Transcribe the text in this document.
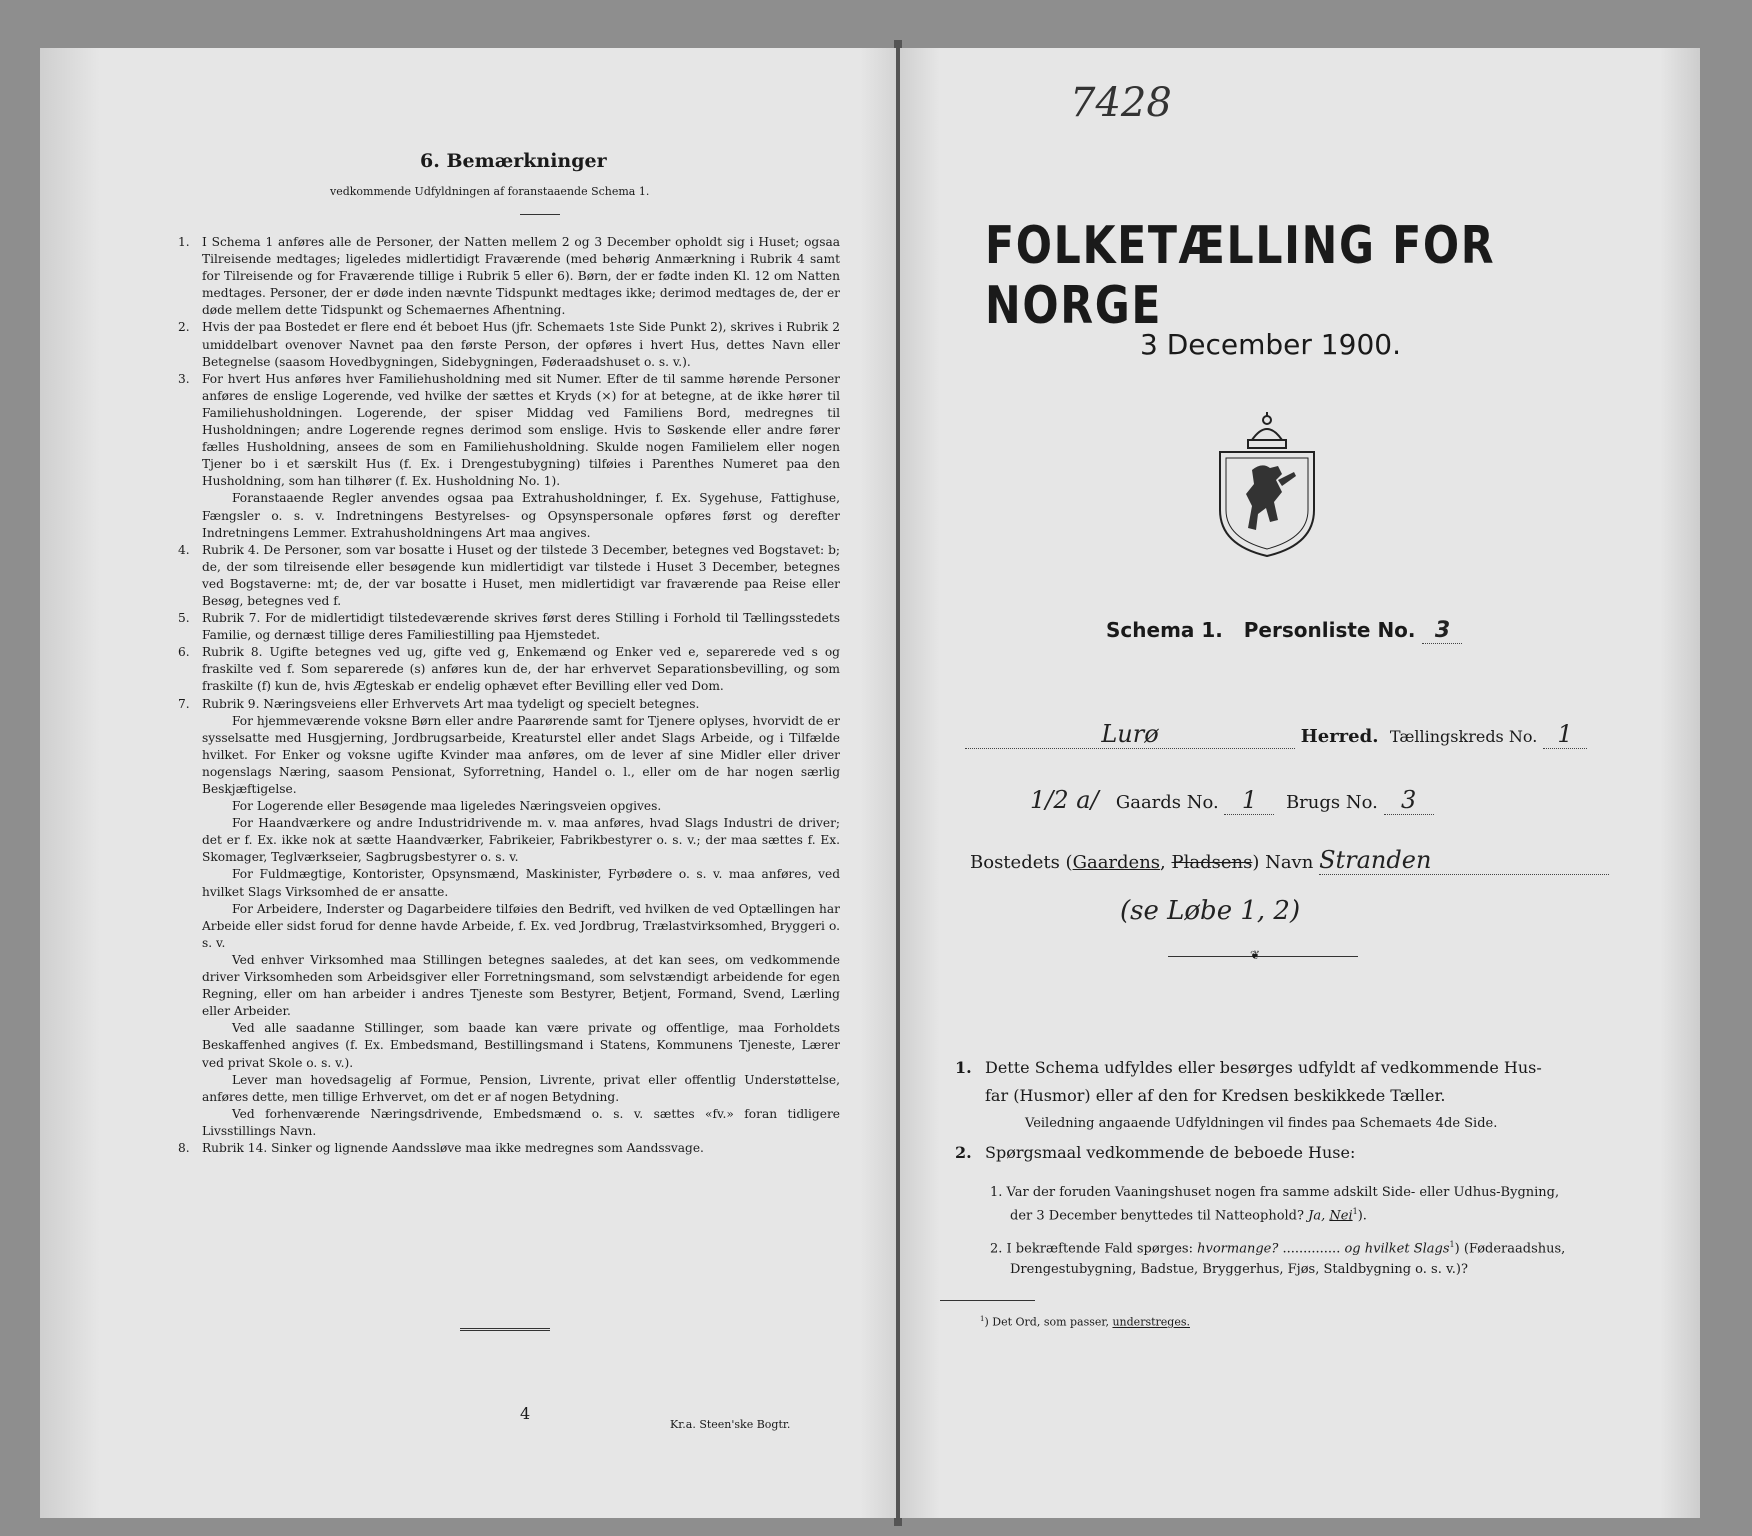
6. Bemærkninger
vedkommende Udfyldningen af foranstaaende Schema 1.
1. I Schema 1 anføres alle de Personer, der Natten mellem 2 og 3 December opholdt sig i Huset; ogsaa Tilreisende medtages; ligeledes midlertidigt Fraværende (med behørig Anmærkning i Rubrik 4 samt for Tilreisende og for Fraværende tillige i Rubrik 5 eller 6). Børn, der er fødte inden Kl. 12 om Natten medtages. Personer, der er døde inden nævnte Tidspunkt medtages ikke; derimod medtages de, der er døde mellem dette Tidspunkt og Schemaernes Afhentning.

2. Hvis der paa Bostedet er flere end ét beboet Hus (jfr. Schemaets 1ste Side Punkt 2), skrives i Rubrik 2 umiddelbart ovenover Navnet paa den første Person, der opføres i hvert Hus, dettes Navn eller Betegnelse (saasom Hovedbygningen, Sidebygningen, Føderaadshuset o. s. v.).

3. For hvert Hus anføres hver Familiehusholdning med sit Numer. Efter de til samme hørende Personer anføres de enslige Logerende, ved hvilke der sættes et Kryds (×) for at betegne, at de ikke hører til Familiehusholdningen. Logerende, der spiser Middag ved Familiens Bord, medregnes til Husholdningen; andre Logerende regnes derimod som enslige. Hvis to Søskende eller andre fører fælles Husholdning, ansees de som en Familiehusholdning. Skulde nogen Familielem eller nogen Tjener bo i et særskilt Hus (f. Ex. i Drengestubygning) tilføies i Parenthes Numeret paa den Husholdning, som han tilhører (f. Ex. Husholdning No. 1).

Foranstaaende Regler anvendes ogsaa paa Extrahusholdninger, f. Ex. Sygehuse, Fattighuse, Fængsler o. s. v. Indretningens Bestyrelses- og Opsynspersonale opføres først og derefter Indretningens Lemmer. Extrahusholdningens Art maa angives.

4. Rubrik 4. De Personer, som var bosatte i Huset og der tilstede 3 December, betegnes ved Bogstavet: b; de, der som tilreisende eller besøgende kun midlertidigt var tilstede i Huset 3 December, betegnes ved Bogstaverne: mt; de, der var bosatte i Huset, men midlertidigt var fraværende paa Reise eller Besøg, betegnes ved f.

5. Rubrik 7. For de midlertidigt tilstedeværende skrives først deres Stilling i Forhold til Tællingsstedets Familie, og dernæst tillige deres Familiestilling paa Hjemstedet.

6. Rubrik 8. Ugifte betegnes ved ug, gifte ved g, Enkemænd og Enker ved e, separerede ved s og fraskilte ved f. Som separerede (s) anføres kun de, der har erhvervet Separationsbevilling, og som fraskilte (f) kun de, hvis Ægteskab er endelig ophævet efter Bevilling eller ved Dom.

7. Rubrik 9. Næringsveiens eller Erhvervets Art maa tydeligt og specielt betegnes.

For hjemmeværende voksne Børn eller andre Paarørende samt for Tjenere oplyses, hvorvidt de er sysselsatte med Husgjerning, Jordbrugsarbeide, Kreaturstel eller andet Slags Arbeide, og i Tilfælde hvilket. For Enker og voksne ugifte Kvinder maa anføres, om de lever af sine Midler eller driver nogenslags Næring, saasom Pensionat, Syforretning, Handel o. l., eller om de har nogen særlig Beskjæftigelse.

For Logerende eller Besøgende maa ligeledes Næringsveien opgives.

For Haandværkere og andre Industridrivende m. v. maa anføres, hvad Slags Industri de driver; det er f. Ex. ikke nok at sætte Haandværker, Fabrikeier, Fabrikbestyrer o. s. v.; der maa sættes f. Ex. Skomager, Teglværkseier, Sagbrugsbestyrer o. s. v.

For Fuldmægtige, Kontorister, Opsynsmænd, Maskinister, Fyrbødere o. s. v. maa anføres, ved hvilket Slags Virksomhed de er ansatte.

For Arbeidere, Inderster og Dagarbeidere tilføies den Bedrift, ved hvilken de ved Optællingen har Arbeide eller sidst forud for denne havde Arbeide, f. Ex. ved Jordbrug, Trælastvirksomhed, Bryggeri o. s. v.

Ved enhver Virksomhed maa Stillingen betegnes saaledes, at det kan sees, om vedkommende driver Virksomheden som Arbeidsgiver eller Forretningsmand, som selvstændigt arbeidende for egen Regning, eller om han arbeider i andres Tjeneste som Bestyrer, Betjent, Formand, Svend, Lærling eller Arbeider.

Ved alle saadanne Stillinger, som baade kan være private og offentlige, maa Forholdets Beskaffenhed angives (f. Ex. Embedsmand, Bestillingsmand i Statens, Kommunens Tjeneste, Lærer ved privat Skole o. s. v.).

Lever man hovedsagelig af Formue, Pension, Livrente, privat eller offentlig Understøttelse, anføres dette, men tillige Erhvervet, om det er af nogen Betydning.

Ved forhenværende Næringsdrivende, Embedsmænd o. s. v. sættes «fv.» foran tidligere Livsstillings Navn.

8. Rubrik 14. Sinker og lignende Aandssløve maa ikke medregnes som Aandssvage.

4
Kr.a. Steen'ske Bogtr.
7428
FOLKETÆLLING FOR NORGE
3 December 1900.
Schema 1. Personliste No. 3
Lurø	Herred. Tællingskreds No. 1
1/2 a/ Gaards No. 1 Brugs No. 3
Bostedets (Gaardens, Pladsens) Navn Stranden
(se Løbe 1, 2)
❦
1. Dette Schema udfyldes eller besørges udfyldt af vedkommende Hus-
far (Husmor) eller af den for Kredsen beskikkede Tæller.
Veiledning angaaende Udfyldningen vil findes paa Schemaets 4de Side.
2. Spørgsmaal vedkommende de beboede Huse:
1. Var der foruden Vaaningshuset nogen fra samme adskilt Side- eller Udhus-Bygning,
der 3 December benyttedes til Natteophold? Ja, Nei$^1$).
2. I bekræftende Fald spørges: hvormange? .............. og hvilket Slags$^1$) (Føderaadshus,
Drengestubygning, Badstue, Bryggerhus, Fjøs, Staldbygning o. s. v.)?
$^1$) Det Ord, som passer, understreges.
